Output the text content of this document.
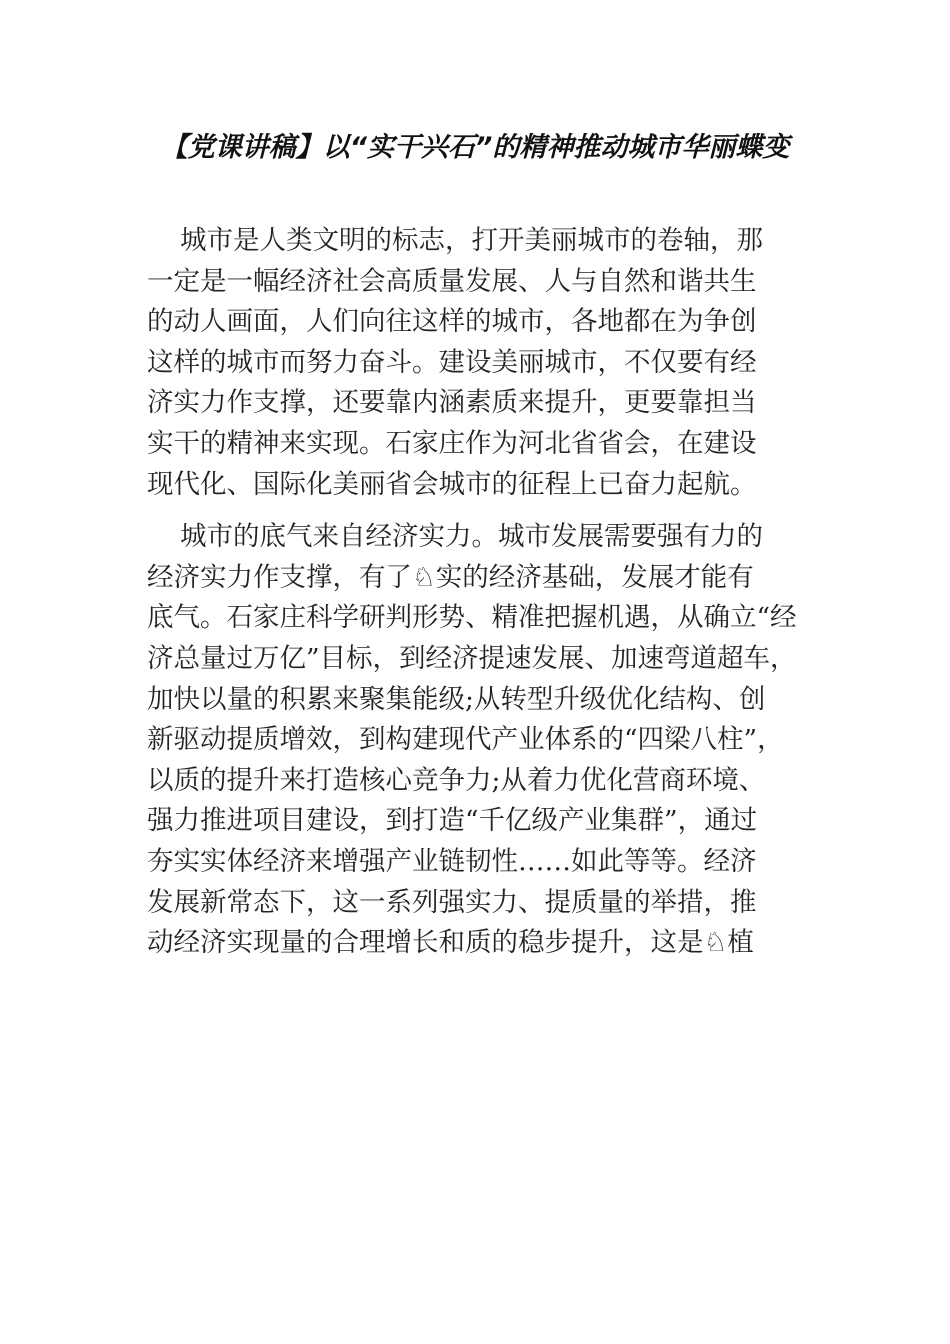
【党课讲稿】以“实干兴石”的精神推动城市华丽蝶变
城市是人类文明的标志，打开美丽城市的卷轴，那
一定是一幅经济社会高质量发展、人与自然和谐共生
的动人画面，人们向往这样的城市，各地都在为争创
这样的城市而努力奋斗。建设美丽城市，不仅要有经
济实力作支撑，还要靠内涵素质来提升，更要靠担当
实干的精神来实现。石家庄作为河北省省会，在建设
现代化、国际化美丽省会城市的征程上已奋力起航。
城市的底气来自经济实力。城市发展需要强有力的
经济实力作支撑，有了♘实的经济基础，发展才能有
底气。石家庄科学研判形势、精准把握机遇，从确立“经
济总量过万亿”目标，到经济提速发展、加速弯道超车，
加快以量的积累来聚集能级;从转型升级优化结构、创
新驱动提质增效，到构建现代产业体系的“四梁八柱”，
以质的提升来打造核心竞争力;从着力优化营商环境、
强力推进项目建设，到打造“千亿级产业集群”，通过
夯实实体经济来增强产业链韧性……如此等等。经济
发展新常态下，这一系列强实力、提质量的举措，推
动经济实现量的合理增长和质的稳步提升，这是♘植
